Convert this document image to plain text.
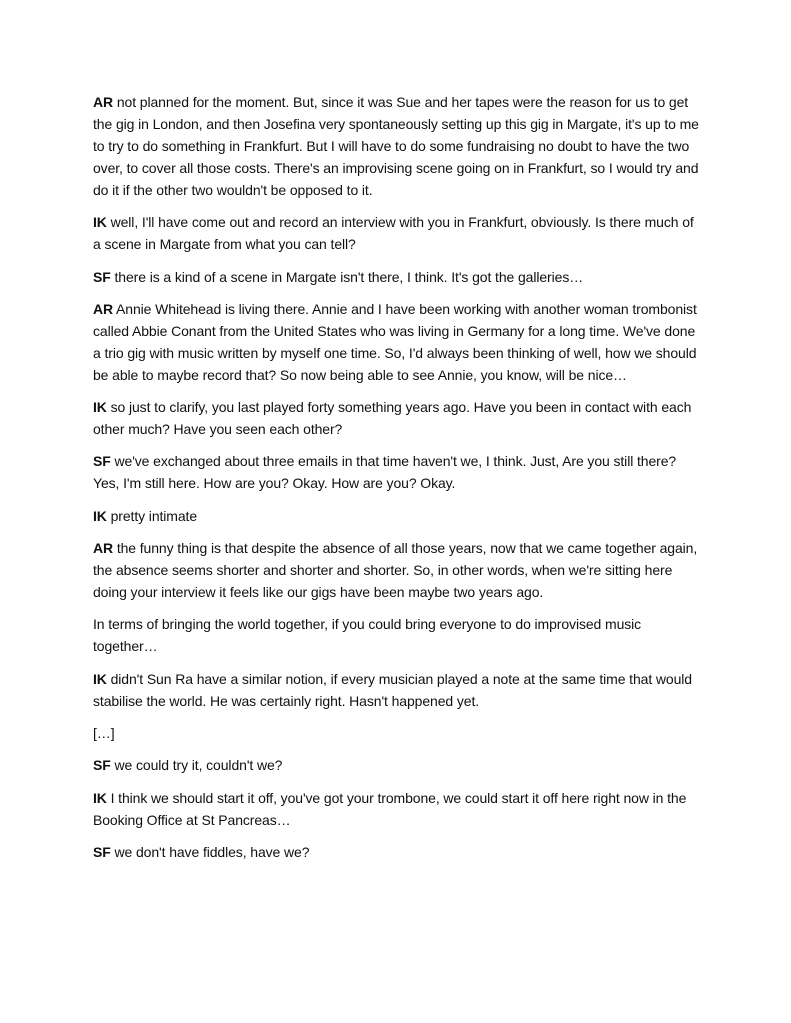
AR not planned for the moment. But, since it was Sue and her tapes were the reason for us to get the gig in London, and then Josefina very spontaneously setting up this gig in Margate, it's up to me to try to do something in Frankfurt. But I will have to do some fundraising no doubt to have the two over, to cover all those costs. There's an improvising scene going on in Frankfurt, so I would try and do it if the other two wouldn't be opposed to it.

IK well, I'll have come out and record an interview with you in Frankfurt, obviously. Is there much of a scene in Margate from what you can tell?

SF there is a kind of a scene in Margate isn't there, I think. It's got the galleries…

AR Annie Whitehead is living there. Annie and I have been working with another woman trombonist called Abbie Conant from the United States who was living in Germany for a long time. We've done a trio gig with music written by myself one time. So, I'd always been thinking of well, how we should be able to maybe record that? So now being able to see Annie, you know, will be nice…

IK so just to clarify, you last played forty something years ago. Have you been in contact with each other much? Have you seen each other?

SF we've exchanged about three emails in that time haven't we, I think. Just, Are you still there? Yes, I'm still here. How are you? Okay. How are you? Okay.

IK pretty intimate

AR the funny thing is that despite the absence of all those years, now that we came together again, the absence seems shorter and shorter and shorter. So, in other words, when we're sitting here doing your interview it feels like our gigs have been maybe two years ago.

In terms of bringing the world together, if you could bring everyone to do improvised music together…

IK didn't Sun Ra have a similar notion, if every musician played a note at the same time that would stabilise the world. He was certainly right. Hasn't happened yet.

[…]

SF we could try it, couldn't we?

IK I think we should start it off, you've got your trombone, we could start it off here right now in the Booking Office at St Pancreas…

SF we don't have fiddles, have we?
